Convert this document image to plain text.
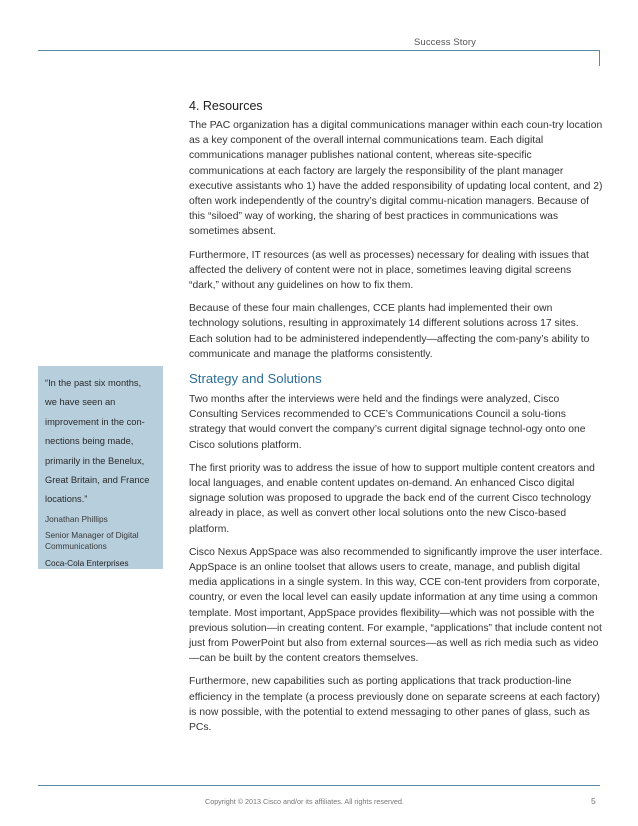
Success Story
4. Resources

The PAC organization has a digital communications manager within each coun-try location as a key component of the overall internal communications team. Each digital communications manager publishes national content, whereas site-specific communications at each factory are largely the responsibility of the plant manager executive assistants who 1) have the added responsibility of updating local content, and 2) often work independently of the country’s digital commu-nication managers. Because of this “siloed” way of working, the sharing of best practices in communications was sometimes absent.

Furthermore, IT resources (as well as processes) necessary for dealing with issues that affected the delivery of content were not in place, sometimes leaving digital screens “dark,” without any guidelines on how to fix them.

Because of these four main challenges, CCE plants had implemented their own technology solutions, resulting in approximately 14 different solutions across 17 sites. Each solution had to be administered independently—affecting the com-pany’s ability to communicate and manage the platforms consistently.

Strategy and Solutions

Two months after the interviews were held and the findings were analyzed, Cisco Consulting Services recommended to CCE’s Communications Council a solu-tions strategy that would convert the company’s current digital signage technol-ogy onto one Cisco solutions platform.

The first priority was to address the issue of how to support multiple content creators and local languages, and enable content updates on-demand. An enhanced Cisco digital signage solution was proposed to upgrade the back end of the current Cisco technology already in place, as well as convert other local solutions onto the new Cisco-based platform.

Cisco Nexus AppSpace was also recommended to significantly improve the user interface. AppSpace is an online toolset that allows users to create, manage, and publish digital media applications in a single system. In this way, CCE con-tent providers from corporate, country, or even the local level can easily update information at any time using a common template. Most important, AppSpace provides flexibility—which was not possible with the previous solution—in creating content. For example, “applications” that include content not just from PowerPoint but also from external sources—as well as rich media such as video—can be built by the content creators themselves.

Furthermore, new capabilities such as porting applications that track production-line efficiency in the template (a process previously done on separate screens at each factory) is now possible, with the potential to extend messaging to other panes of glass, such as PCs.

“In the past six months, we have seen an improvement in the con-nections being made, primarily in the Benelux, Great Britain, and France locations.”
Jonathan Phillips
Senior Manager of Digital Communications
Coca-Cola Enterprises
Copyright © 2013 Cisco and/or its affiliates. All rights reserved.	5
